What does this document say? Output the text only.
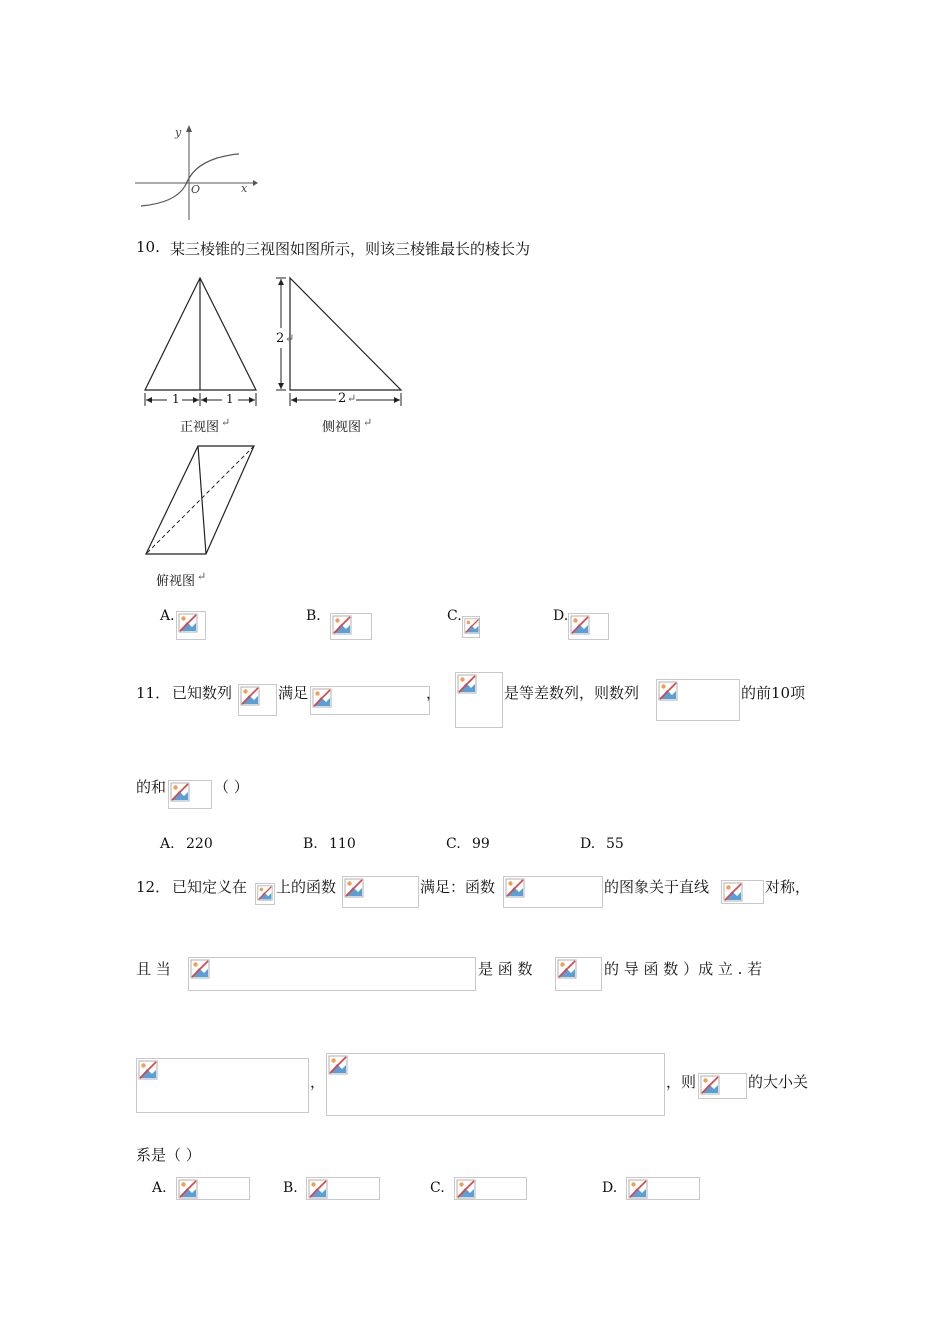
y
x
O
10. 某三棱锥的三视图如图所示，则该三棱锥最长的棱长为
1	1
正视图 ↵
2 ↵
2 ↵
侧视图 ↵
俯视图 ↵
A.	B.	C.	D.
11． 已知数列	满足	，	是等差数列，则数列	的前10项
的和	（ ）
A. 220	B. 110	C. 99	D. 55
12． 已知定义在 上的函数	满足：函数	的图象关于直线	对称，
且 当	是 函 数	的 导 函 数 ）成 立 . 若
，	，则	的大小关
系是（ ）
A.	B.	C.	D.
